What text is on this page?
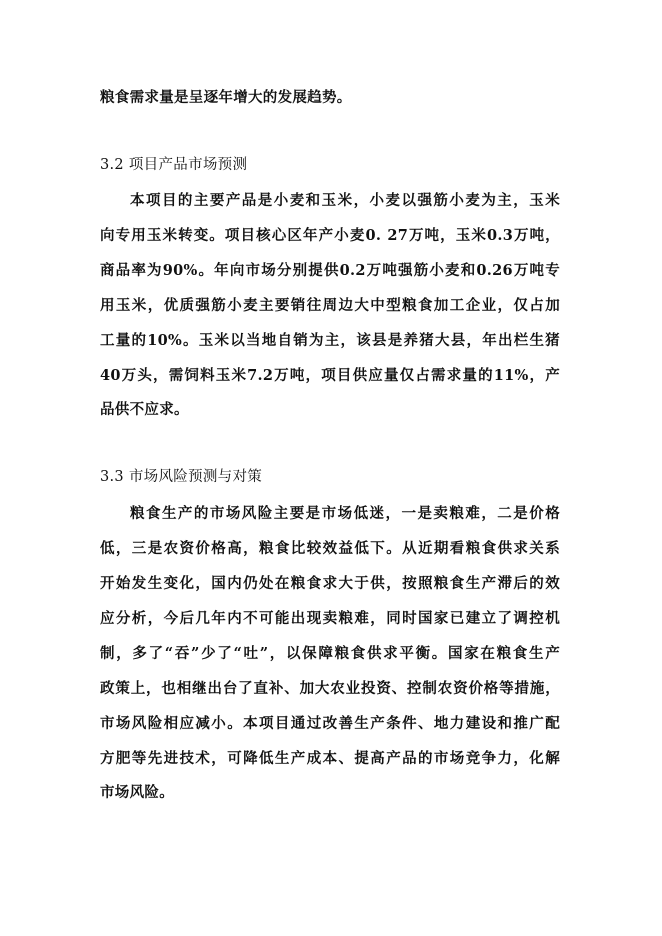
粮食需求量是呈逐年增大的发展趋势。
3.2 项目产品市场预测
本项目的主要产品是小麦和玉米，小麦以强筋小麦为主，玉米
向专用玉米转变。项目核心区年产小麦0. 27万吨，玉米0.3万吨，
商品率为90%。年向市场分别提供0.2万吨强筋小麦和0.26万吨专
用玉米，优质强筋小麦主要销往周边大中型粮食加工企业，仅占加
工量的10%。玉米以当地自销为主，该县是养猪大县，年出栏生猪
40万头，需饲料玉米7.2万吨，项目供应量仅占需求量的11%，产
品供不应求。
3.3 市场风险预测与对策
粮食生产的市场风险主要是市场低迷，一是卖粮难，二是价格
低，三是农资价格高，粮食比较效益低下。从近期看粮食供求关系
开始发生变化，国内仍处在粮食求大于供，按照粮食生产滞后的效
应分析，今后几年内不可能出现卖粮难，同时国家已建立了调控机
制，多了“吞”少了“吐”，以保障粮食供求平衡。国家在粮食生产
政策上，也相继出台了直补、加大农业投资、控制农资价格等措施，
市场风险相应减小。本项目通过改善生产条件、地力建设和推广配
方肥等先进技术，可降低生产成本、提高产品的市场竞争力，化解
市场风险。
